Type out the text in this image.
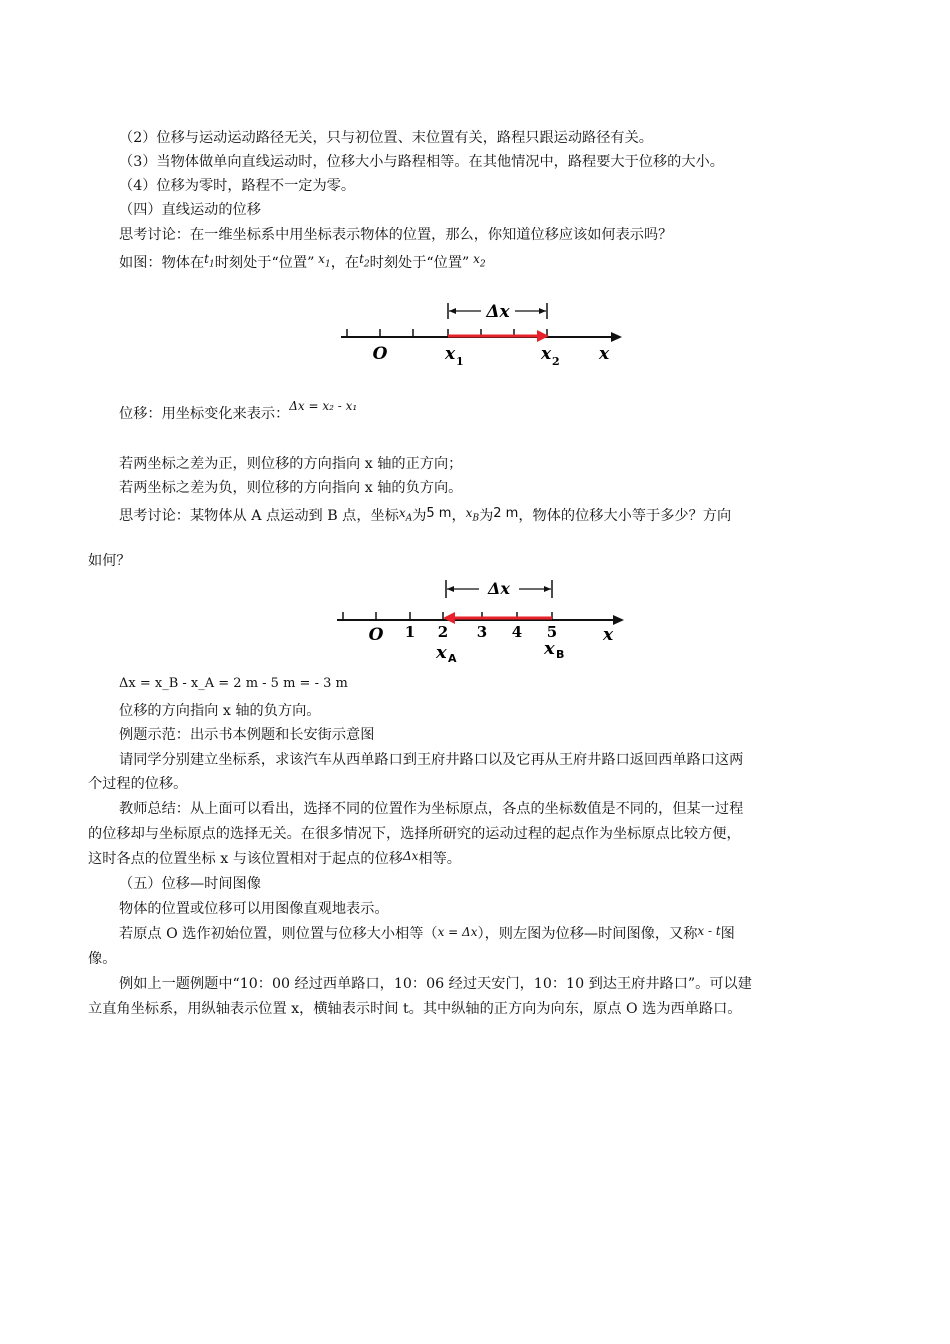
（2）位移与运动运动路径无关，只与初位置、末位置有关，路程只跟运动路径有关。
（3）当物体做单向直线运动时，位移大小与路程相等。在其他情况中，路程要大于位移的大小。
（4）位移为零时，路程不一定为零。
（四）直线运动的位移
思考讨论：在一维坐标系中用坐标表示物体的位置，那么，你知道位移应该如何表示吗？
如图：物体在$^{t_1}$时刻处于“位置” $^{x_1}$，在$^{t_2}$时刻处于“位置” $^{x_2}$
Δx
O	x 1	x 2 x
位移：用坐标变化来表示：$^{\Delta x = x_2 - x_1}$
若两坐标之差为正，则位移的方向指向 x 轴的正方向；
若两坐标之差为负，则位移的方向指向 x 轴的负方向。
思考讨论：某物体从 A 点运动到 B 点，坐标$^{x_A}$为5 m，$^{x_B}$为2 m，物体的位移大小等于多少？方向
如何？
Δx
O 1 2 3 4 5
x A	x B
x
Δx = x_B - x_A = 2 m - 5 m = - 3 m
位移的方向指向 x 轴的负方向。
例题示范：出示书本例题和长安街示意图
请同学分别建立坐标系，求该汽车从西单路口到王府井路口以及它再从王府井路口返回西单路口这两
个过程的位移。
教师总结：从上面可以看出，选择不同的位置作为坐标原点，各点的坐标数值是不同的，但某一过程
的位移却与坐标原点的选择无关。在很多情况下，选择所研究的运动过程的起点作为坐标原点比较方便，
这时各点的位置坐标 x 与该位置相对于起点的位移$^{\Delta x}$相等。
（五）位移—时间图像
物体的位置或位移可以用图像直观地表示。
若原点 O 选作初始位置，则位置与位移大小相等（x = Δx），则左图为位移—时间图像，又称$^{x - t}$图
像。
例如上一题例题中“10：00 经过西单路口，10：06 经过天安门，10：10 到达王府井路口”。可以建
立直角坐标系，用纵轴表示位置 x，横轴表示时间 t。其中纵轴的正方向为向东，原点 O 选为西单路口。
